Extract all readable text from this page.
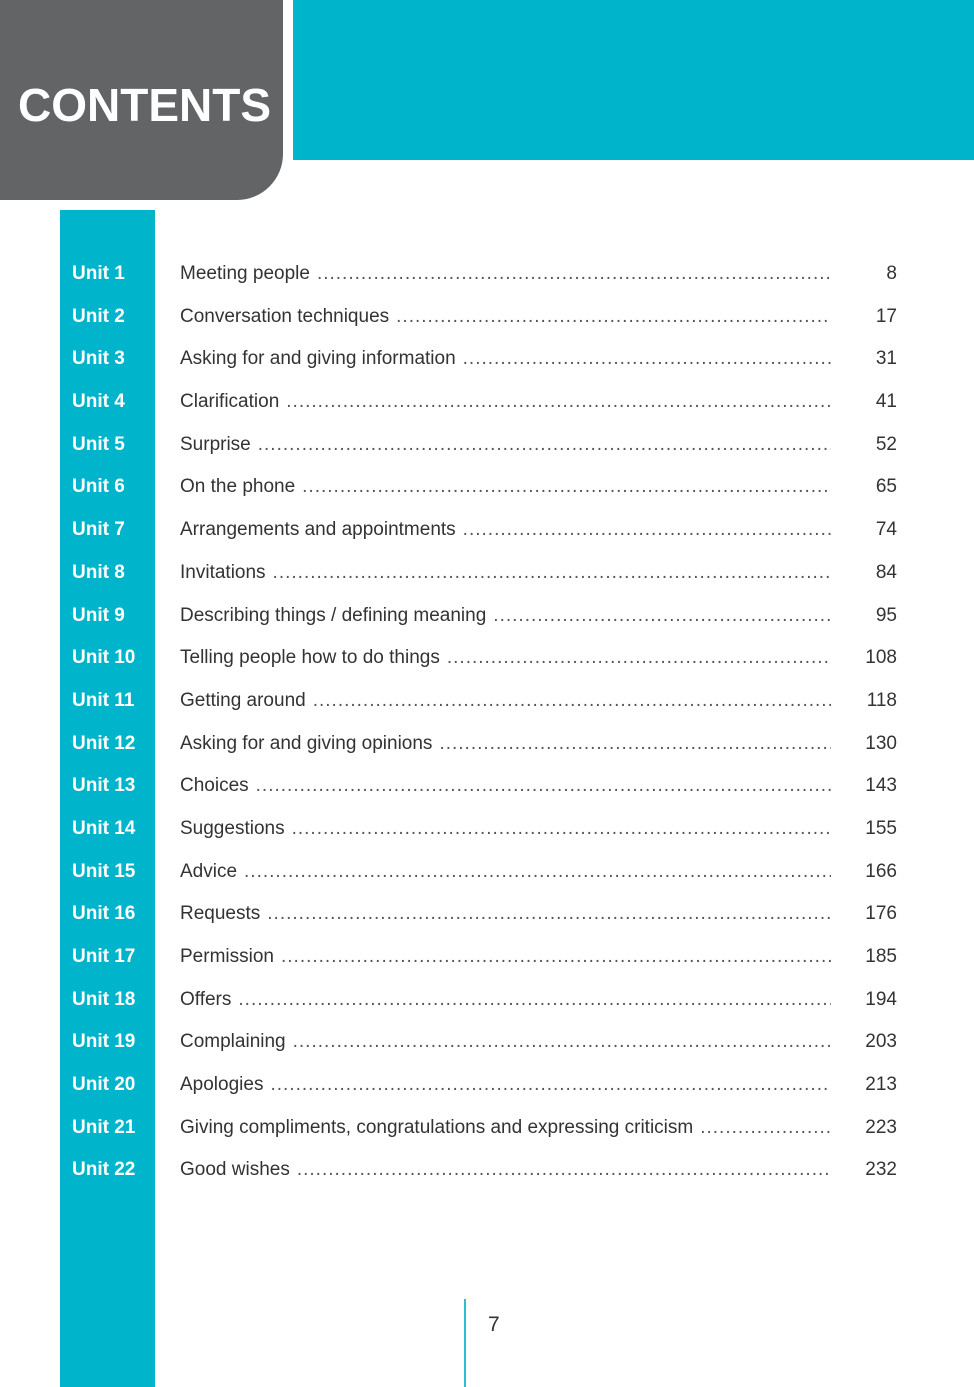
CONTENTS
Unit 1	Meeting people .....	8
Unit 2	Conversation techniques .....	17
Unit 3	Asking for and giving information .....	31
Unit 4	Clarification .....	41
Unit 5	Surprise .....	52
Unit 6	On the phone .....	65
Unit 7	Arrangements and appointments .....	74
Unit 8	Invitations .....	84
Unit 9	Describing things / defining meaning .....	95
Unit 10 Telling people how to do things .....	108
Unit 11 Getting around .....	118
Unit 12 Asking for and giving opinions .....	130
Unit 13 Choices .....	143
Unit 14 Suggestions .....	155
Unit 15 Advice .....	166
Unit 16 Requests .....	176
Unit 17 Permission .....	185
Unit 18 Offers .....	194
Unit 19 Complaining .....	203
Unit 20 Apologies .....	213
Unit 21 Giving compliments, congratulations and expressing criticism .....	223
Unit 22 Good wishes .....	232
7
